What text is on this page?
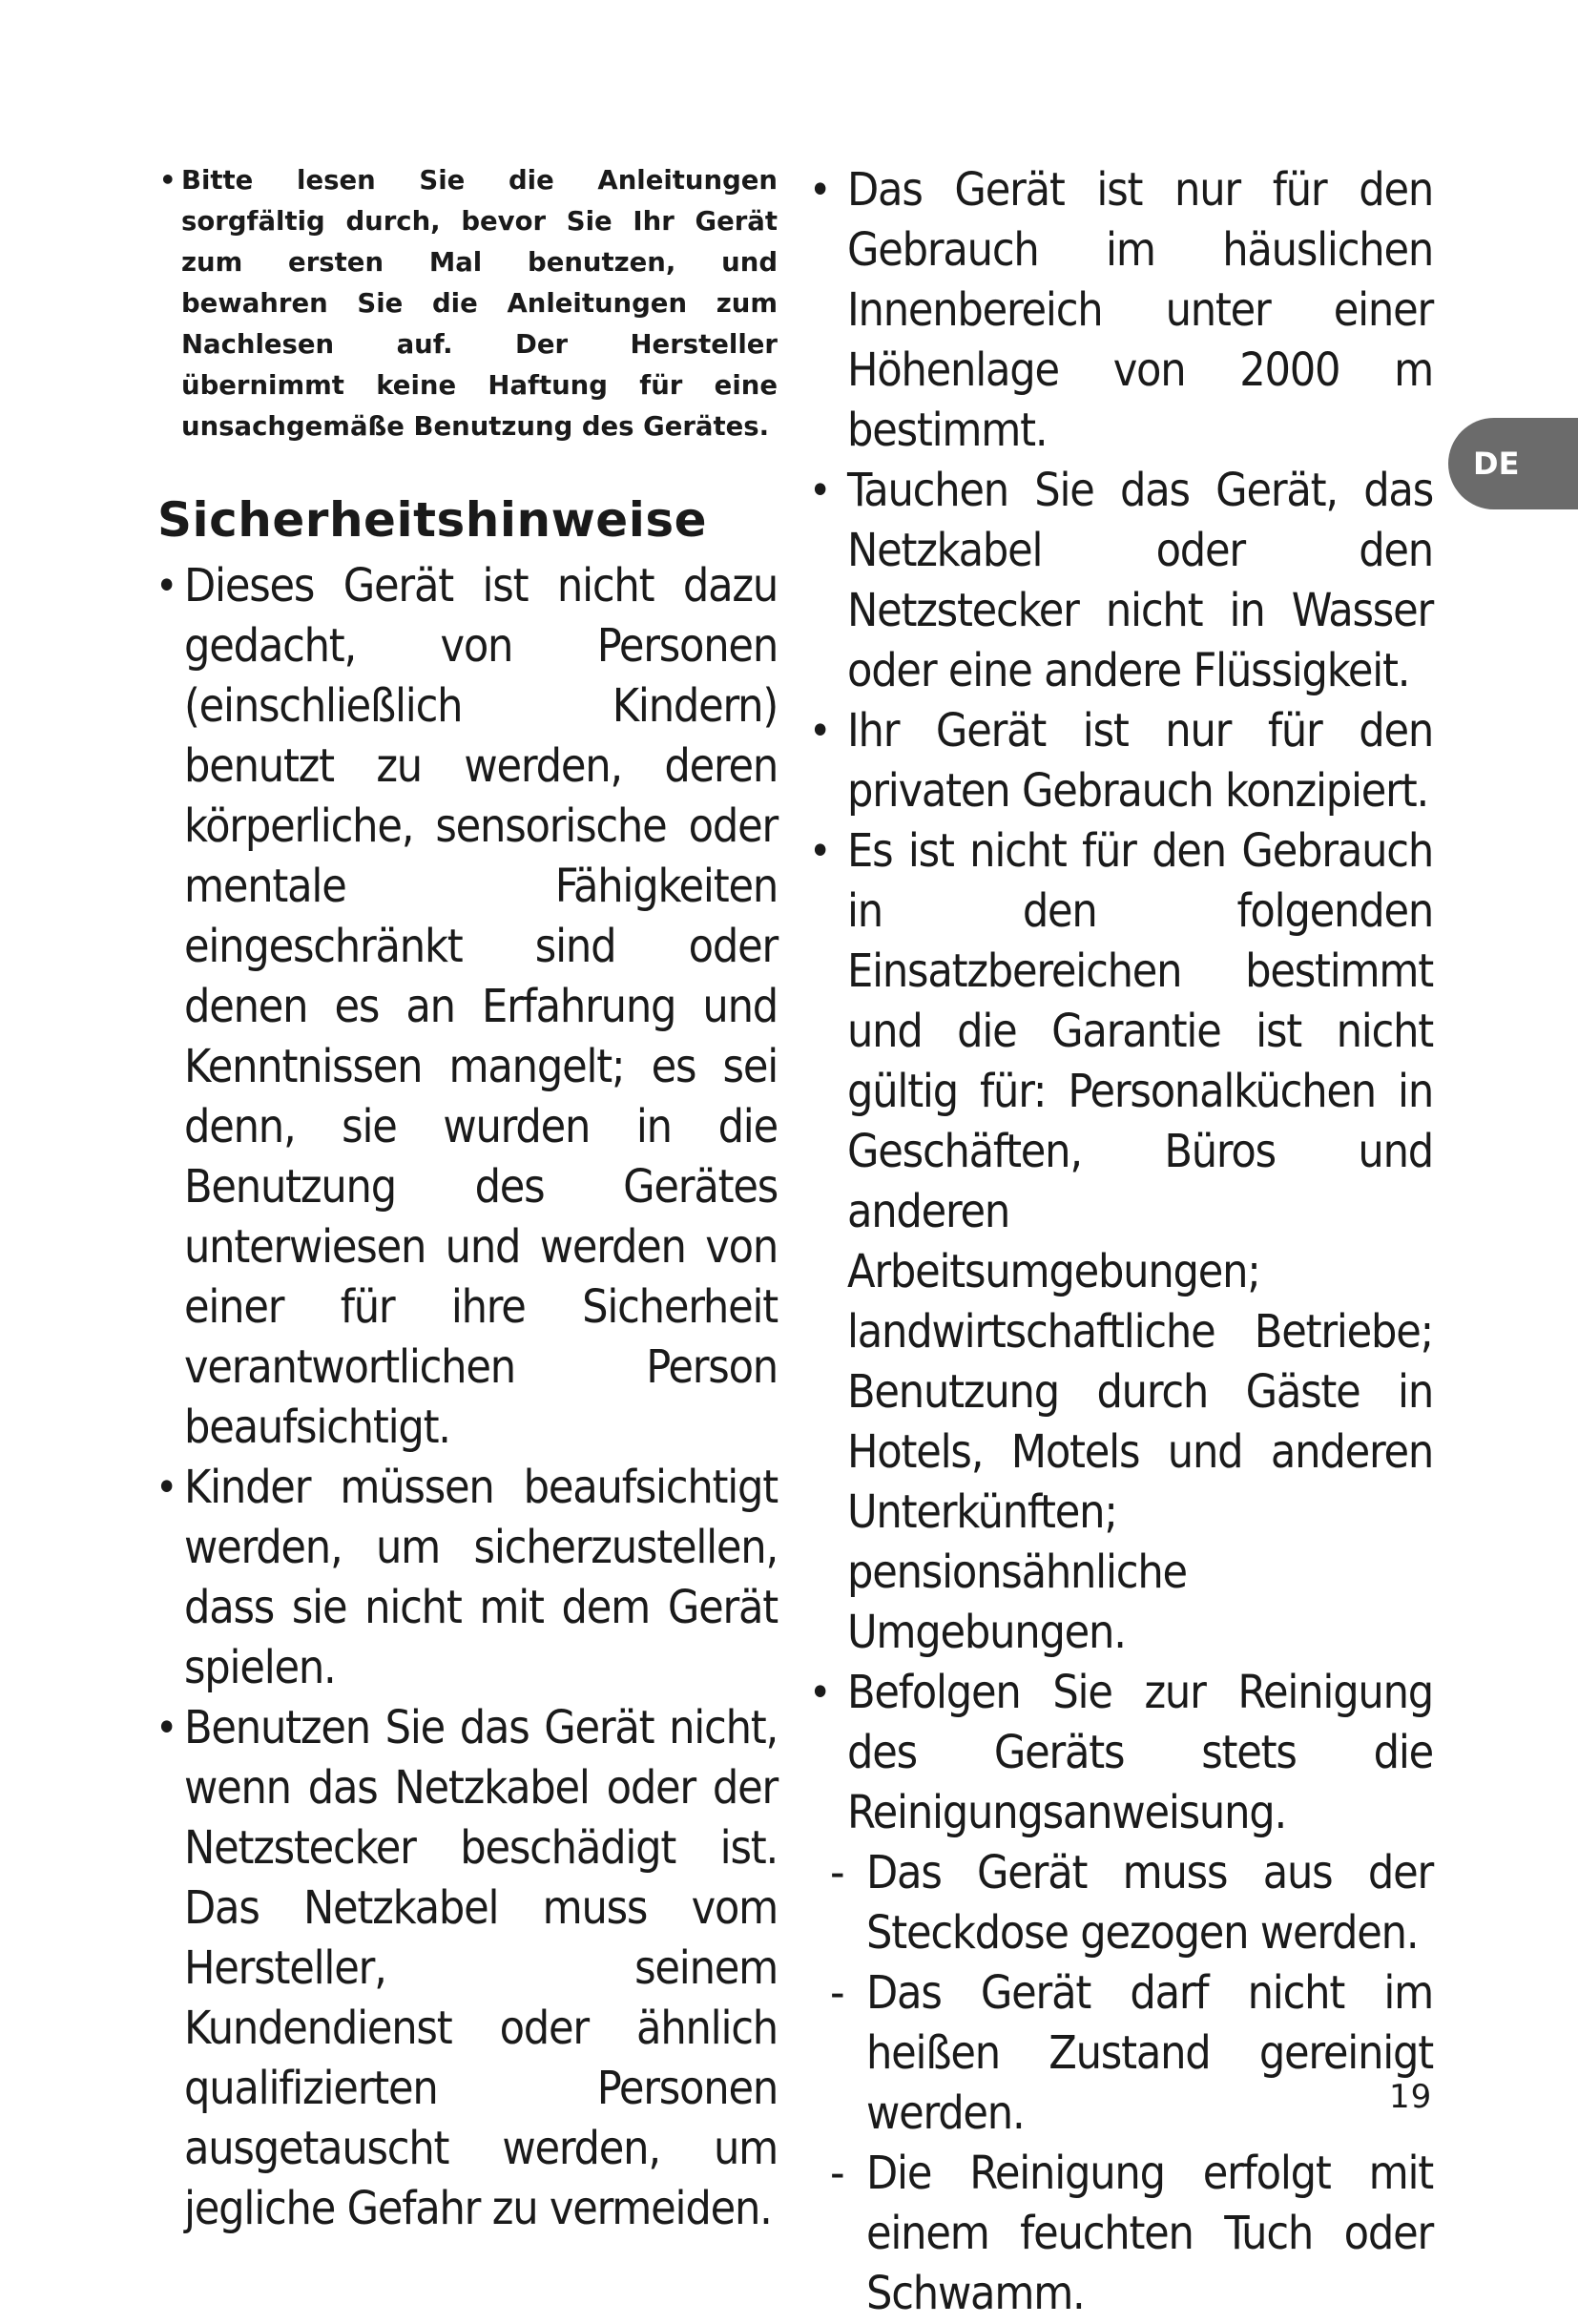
• Bitte lesen Sie die Anleitungen sorgfältig durch, bevor Sie Ihr Gerät zum ersten Mal benutzen, und bewahren Sie die Anleitungen zum Nachlesen auf. Der Hersteller übernimmt keine Haftung für eine unsachgemäße Benutzung des Gerätes.

Sicherheitshinweise
• Dieses Gerät ist nicht dazu gedacht, von Personen (einschließlich Kindern) benutzt zu werden, deren körperliche, sensorische oder mentale Fähigkeiten eingeschränkt sind oder denen es an Erfahrung und Kenntnissen mangelt; es sei denn, sie wurden in die Benutzung des Gerätes unterwiesen und werden von einer für ihre Sicherheit verantwortlichen Person beaufsichtigt.
• Kinder müssen beaufsichtigt werden, um sicherzustellen, dass sie nicht mit dem Gerät spielen.
• Benutzen Sie das Gerät nicht, wenn das Netzkabel oder der Netzstecker beschädigt ist. Das Netzkabel muss vom Hersteller, seinem Kundendienst oder ähnlich qualifizierten Personen ausgetauscht werden, um jegliche Gefahr zu vermeiden.
• Das Gerät ist nur für den Gebrauch im häuslichen Innenbereich unter einer Höhenlage von 2000 m bestimmt.
• Tauchen Sie das Gerät, das Netzkabel oder den Netzstecker nicht in Wasser oder eine andere Flüssigkeit.
• Ihr Gerät ist nur für den privaten Gebrauch konzipiert.
• Es ist nicht für den Gebrauch in den folgenden Einsatzbereichen bestimmt und die Garantie ist nicht gültig für: Personalküchen in Geschäften, Büros und anderen Arbeitsumgebungen; landwirtschaftliche Betriebe; Benutzung durch Gäste in Hotels, Motels und anderen Unterkünften; pensionsähnliche Umgebungen.
• Befolgen Sie zur Reinigung des Geräts stets die Reinigungsanweisung.
- Das Gerät muss aus der Steckdose gezogen werden.
- Das Gerät darf nicht im heißen Zustand gereinigt werden.
- Die Reinigung erfolgt mit einem feuchten Tuch oder Schwamm.
DE
19
